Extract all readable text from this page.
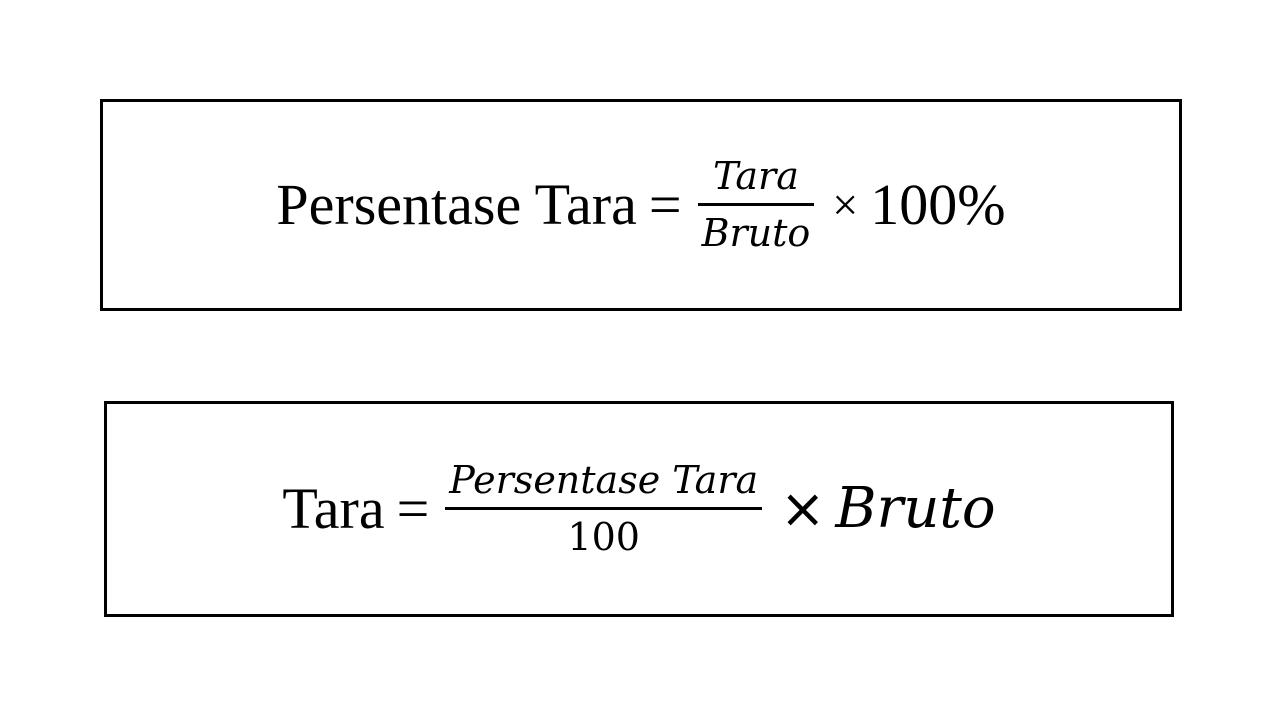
Persentase Tara = $\frac{\text{Tara}}{\text{Bruto}} \times 100\%$
Tara = $\frac{\text{Persentase Tara}}{100}$ × Bruto
